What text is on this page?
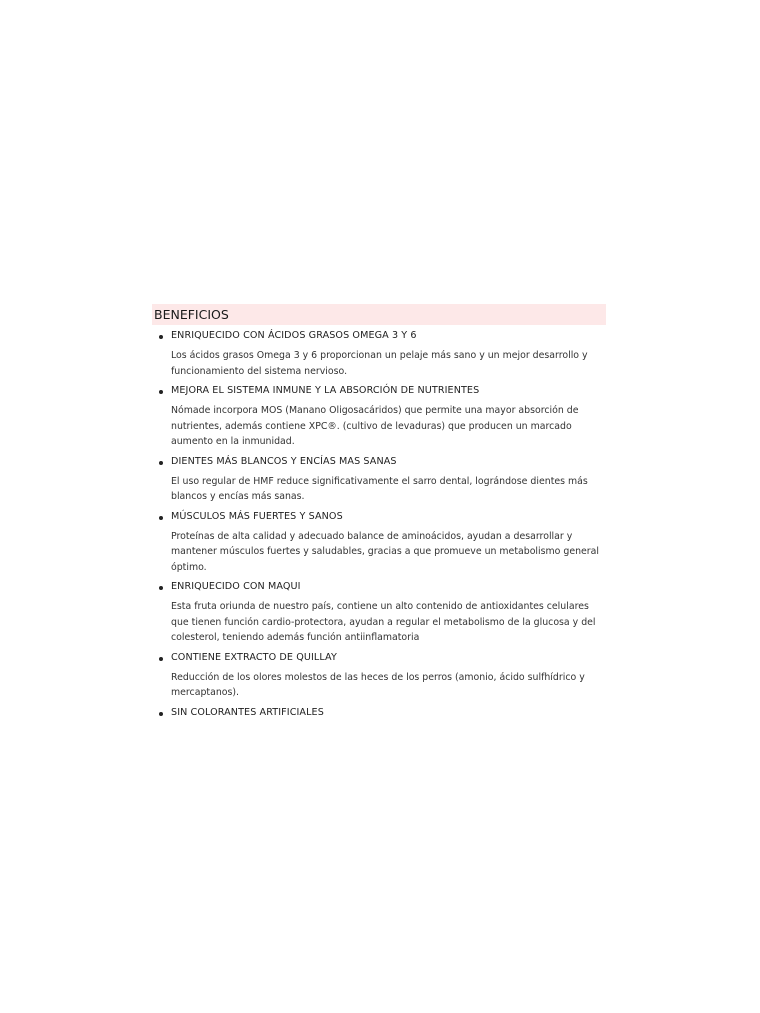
BENEFICIOS
ENRIQUECIDO CON ÁCIDOS GRASOS OMEGA 3 Y 6

Los ácidos grasos Omega 3 y 6 proporcionan un pelaje más sano y un mejor desarrollo y funcionamiento del sistema nervioso.

MEJORA EL SISTEMA INMUNE Y LA ABSORCIÓN DE NUTRIENTES

Nómade incorpora MOS (Manano Oligosacáridos) que permite una mayor absorción de nutrientes, además contiene XPC®. (cultivo de levaduras) que producen un marcado aumento en la inmunidad.

DIENTES MÁS BLANCOS Y ENCÍAS MAS SANAS

El uso regular de HMF reduce significativamente el sarro dental, lográndose dientes más blancos y encías más sanas.

MÚSCULOS MÁS FUERTES Y SANOS

Proteínas de alta calidad y adecuado balance de aminoácidos, ayudan a desarrollar y mantener músculos fuertes y saludables, gracias a que promueve un metabolismo general óptimo.

ENRIQUECIDO CON MAQUI

Esta fruta oriunda de nuestro país, contiene un alto contenido de antioxidantes celulares que tienen función cardio-protectora, ayudan a regular el metabolismo de la glucosa y del colesterol, teniendo además función antiinflamatoria

CONTIENE EXTRACTO DE QUILLAY

Reducción de los olores molestos de las heces de los perros (amonio, ácido sulfhídrico y mercaptanos).

SIN COLORANTES ARTIFICIALES
